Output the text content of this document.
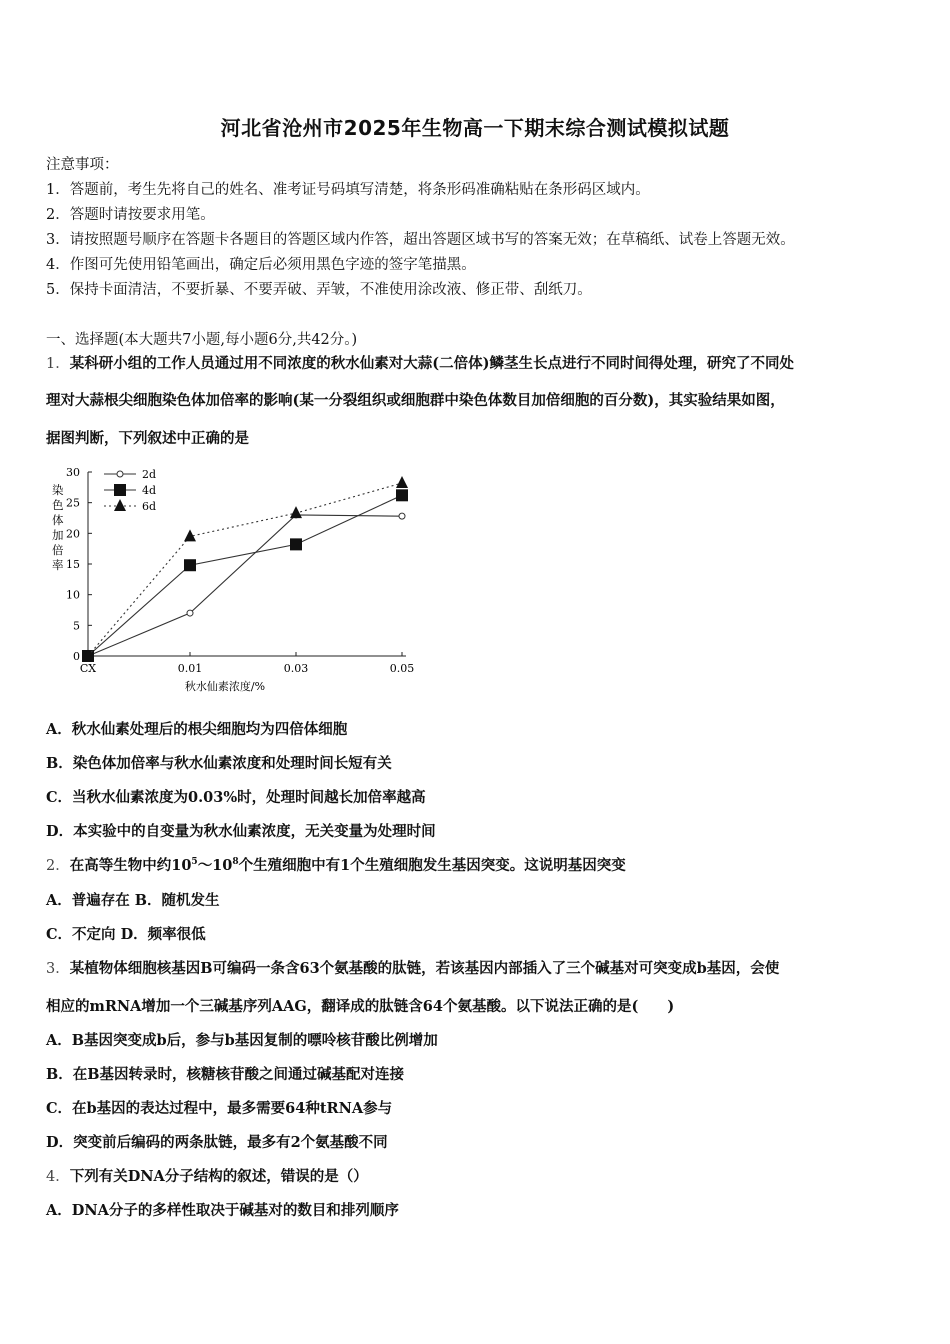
河北省沧州市2025年生物高一下期末综合测试模拟试题
注意事项：
1．答题前，考生先将自己的姓名、准考证号码填写清楚，将条形码准确粘贴在条形码区域内。
2．答题时请按要求用笔。
3．请按照题号顺序在答题卡各题目的答题区域内作答，超出答题区域书写的答案无效；在草稿纸、试卷上答题无效。
4．作图可先使用铅笔画出，确定后必须用黑色字迹的签字笔描黑。
5．保持卡面清洁，不要折暴、不要弄破、弄皱，不准使用涂改液、修正带、刮纸刀。
一、选择题(本大题共7小题,每小题6分,共42分。)
1．某科研小组的工作人员通过用不同浓度的秋水仙素对大蒜(二倍体)鳞茎生长点进行不同时间得处理，研究了不同处
理对大蒜根尖细胞染色体加倍率的影响(某一分裂组织或细胞群中染色体数目加倍细胞的百分数)，其实验结果如图，
据图判断，下列叙述中正确的是
0
5
10
15
20
25
30
CX	0.01	0.03	0.05
秋水仙素浓度/%
染色体加倍率
2d
4d
6d
A．秋水仙素处理后的根尖细胞均为四倍体细胞
B．染色体加倍率与秋水仙素浓度和处理时间长短有关
C．当秋水仙素浓度为0.03%时，处理时间越长加倍率越高
D．本实验中的自变量为秋水仙素浓度，无关变量为处理时间
2．在高等生物中约$10^5\sim 10^8$个生殖细胞中有1个生殖细胞发生基因突变。这说明基因突变
A．普遍存在 B．随机发生
C．不定向 D．频率很低
3．某植物体细胞核基因B可编码一条含63个氨基酸的肽链，若该基因内部插入了三个碱基对可突变成b基因，会使
相应的mRNA增加一个三碱基序列AAG，翻译成的肽链含64个氨基酸。以下说法正确的是(　　)
A．B基因突变成b后，参与b基因复制的嘌呤核苷酸比例增加
B．在B基因转录时，核糖核苷酸之间通过碱基配对连接
C．在b基因的表达过程中，最多需要64种tRNA参与
D．突变前后编码的两条肽链，最多有2个氨基酸不同
4．下列有关DNA分子结构的叙述，错误的是（）
A．DNA分子的多样性取决于碱基对的数目和排列顺序
